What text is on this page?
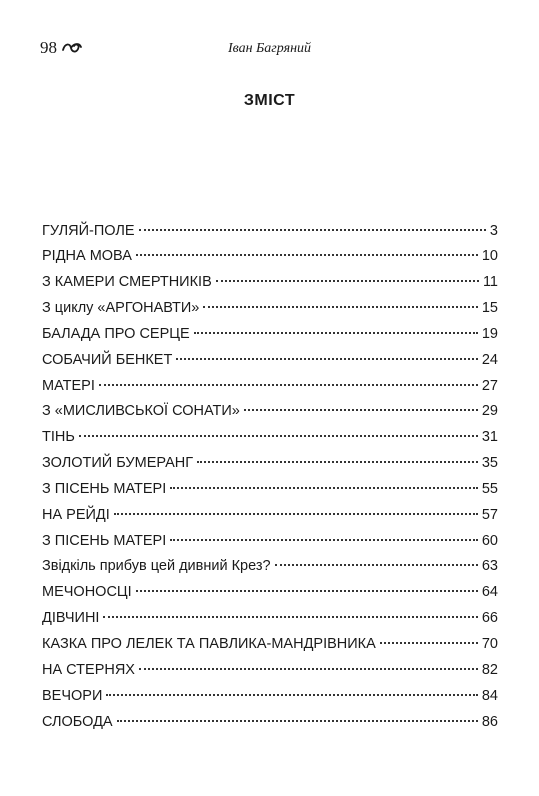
98	Іван Багряний
ЗМІСТ
ГУЛЯЙ-ПОЛЕ	3
РІДНА МОВА	10
З КАМЕРИ СМЕРТНИКІВ	11
З циклу «АРГОНАВТИ»	15
БАЛАДА ПРО СЕРЦЕ	19
СОБАЧИЙ БЕНКЕТ	24
МАТЕРІ	27
З «МИСЛИВСЬКОЇ СОНАТИ»	29
ТІНЬ	31
ЗОЛОТИЙ БУМЕРАНГ	35
З ПІСЕНЬ МАТЕРІ	55
НА РЕЙДІ	57
З ПІСЕНЬ МАТЕРІ	60
Звідкіль прибув цей дивний Крез?	63
МЕЧОНОСЦІ	64
ДІВЧИНІ	66
КАЗКА ПРО ЛЕЛЕК ТА ПАВЛИКА-МАНДРІВНИКА	70
НА СТЕРНЯХ	82
ВЕЧОРИ	84
СЛОБОДА	86
